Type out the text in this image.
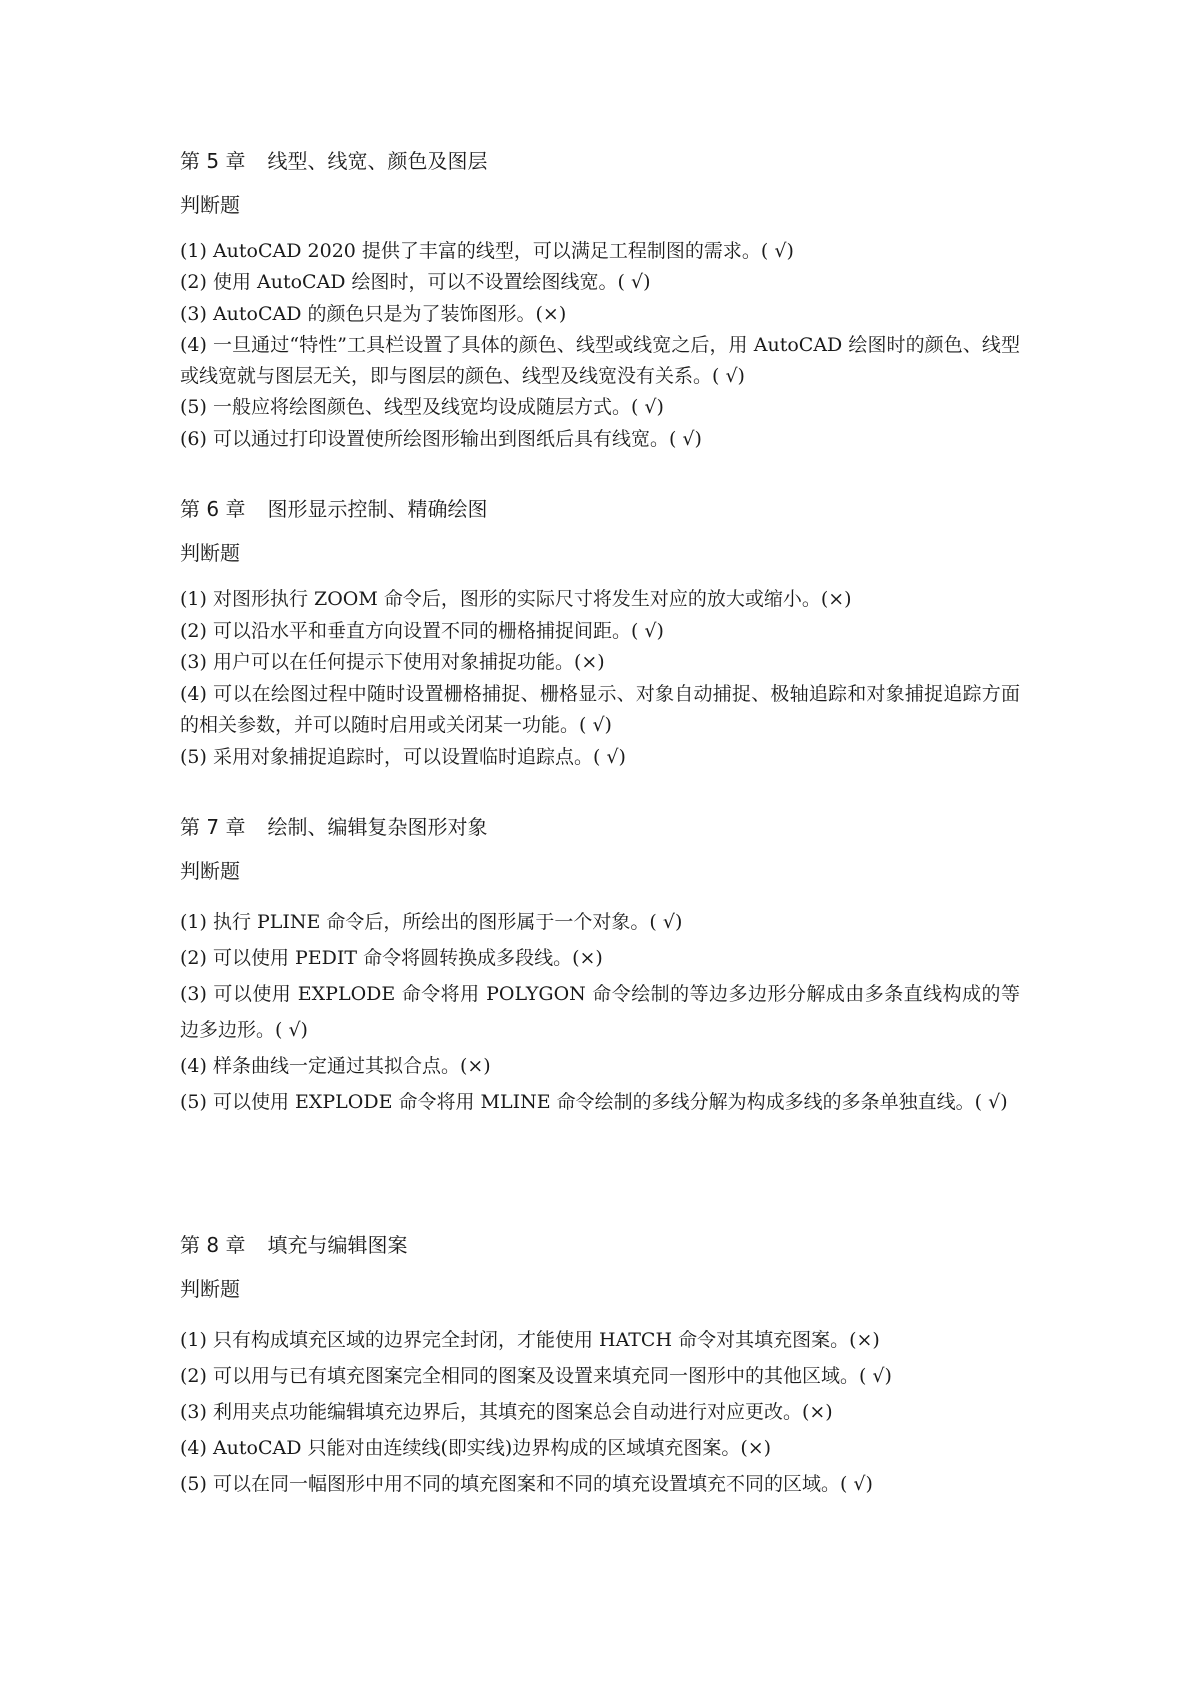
第 5 章 线型、线宽、颜色及图层
判断题
(1) AutoCAD 2020 提供了丰富的线型，可以满足工程制图的需求。( √)
(2) 使用 AutoCAD 绘图时，可以不设置绘图线宽。( √)
(3) AutoCAD 的颜色只是为了装饰图形。(×)
(4) 一旦通过“特性”工具栏设置了具体的颜色、线型或线宽之后，用 AutoCAD 绘图时的颜色、线型或线宽就与图层无关，即与图层的颜色、线型及线宽没有关系。( √)
(5) 一般应将绘图颜色、线型及线宽均设成随层方式。( √)
(6) 可以通过打印设置使所绘图形输出到图纸后具有线宽。( √)
第 6 章 图形显示控制、精确绘图
判断题
(1) 对图形执行 ZOOM 命令后，图形的实际尺寸将发生对应的放大或缩小。(×)
(2) 可以沿水平和垂直方向设置不同的栅格捕捉间距。( √)
(3) 用户可以在任何提示下使用对象捕捉功能。(×)
(4) 可以在绘图过程中随时设置栅格捕捉、栅格显示、对象自动捕捉、极轴追踪和对象捕捉追踪方面的相关参数，并可以随时启用或关闭某一功能。( √)
(5) 采用对象捕捉追踪时，可以设置临时追踪点。( √)
第 7 章 绘制、编辑复杂图形对象
判断题
(1) 执行 PLINE 命令后，所绘出的图形属于一个对象。( √)
(2) 可以使用 PEDIT 命令将圆转换成多段线。(×)
(3) 可以使用 EXPLODE 命令将用 POLYGON 命令绘制的等边多边形分解成由多条直线构成的等边多边形。( √)
(4) 样条曲线一定通过其拟合点。(×)
(5) 可以使用 EXPLODE 命令将用 MLINE 命令绘制的多线分解为构成多线的多条单独直线。( √)
第 8 章 填充与编辑图案
判断题
(1) 只有构成填充区域的边界完全封闭，才能使用 HATCH 命令对其填充图案。(×)
(2) 可以用与已有填充图案完全相同的图案及设置来填充同一图形中的其他区域。( √)
(3) 利用夹点功能编辑填充边界后，其填充的图案总会自动进行对应更改。(×)
(4) AutoCAD 只能对由连续线(即实线)边界构成的区域填充图案。(×)
(5) 可以在同一幅图形中用不同的填充图案和不同的填充设置填充不同的区域。( √)
